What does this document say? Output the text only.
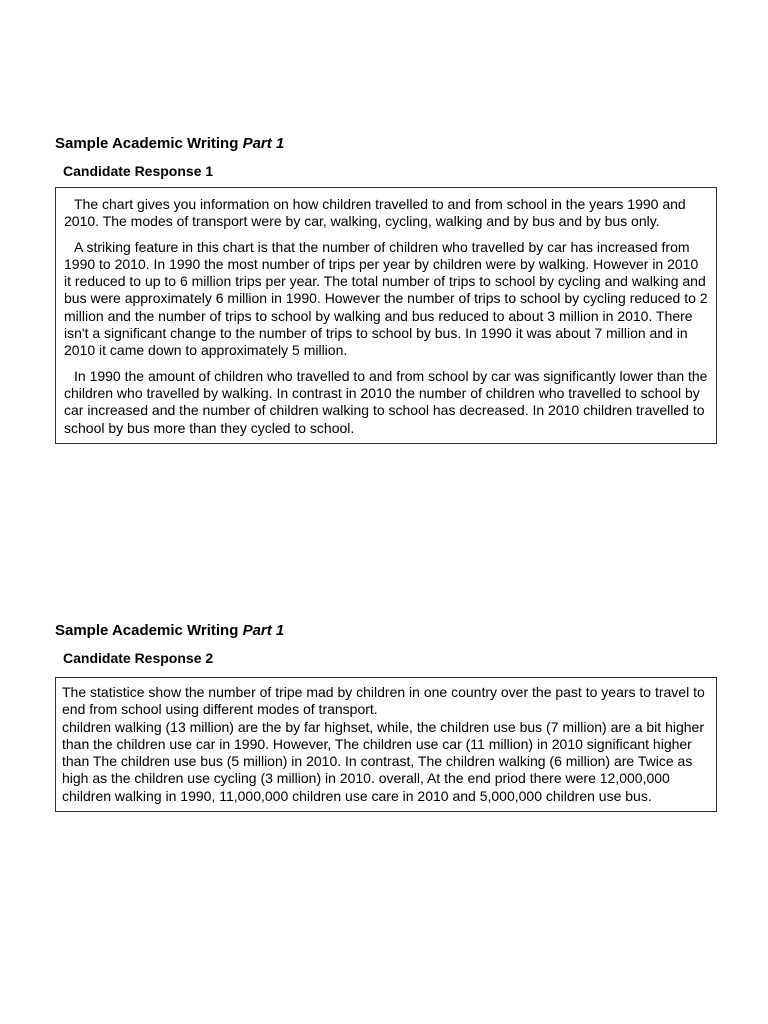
Sample Academic Writing Part 1
Candidate Response 1

The chart gives you information on how children travelled to and from school in the years 1990 and 2010. The modes of transport were by car, walking, cycling, walking and by bus and by bus only.

A striking feature in this chart is that the number of children who travelled by car has increased from 1990 to 2010. In 1990 the most number of trips per year by children were by walking. However in 2010 it reduced to up to 6 million trips per year. The total number of trips to school by cycling and walking and bus were approximately 6 million in 1990. However the number of trips to school by cycling reduced to 2 million and the number of trips to school by walking and bus reduced to about 3 million in 2010. There isn't a significant change to the number of trips to school by bus. In 1990 it was about 7 million and in 2010 it came down to approximately 5 million.

In 1990 the amount of children who travelled to and from school by car was significantly lower than the children who travelled by walking. In contrast in 2010 the number of children who travelled to school by car increased and the number of children walking to school has decreased. In 2010 children travelled to school by bus more than they cycled to school.

Sample Academic Writing Part 1
Candidate Response 2

The statistice show the number of tripe mad by children in one country over the past to years to travel to end from school using different modes of transport.

children walking (13 million) are the by far highset, while, the children use bus (7 million) are a bit higher than the children use car in 1990. However, The children use car (11 million) in 2010 significant higher than The children use bus (5 million) in 2010. In contrast, The children walking (6 million) are Twice as high as the children use cycling (3 million) in 2010. overall, At the end priod there were 12,000,000 children walking in 1990, 11,000,000 children use care in 2010 and 5,000,000 children use bus.
